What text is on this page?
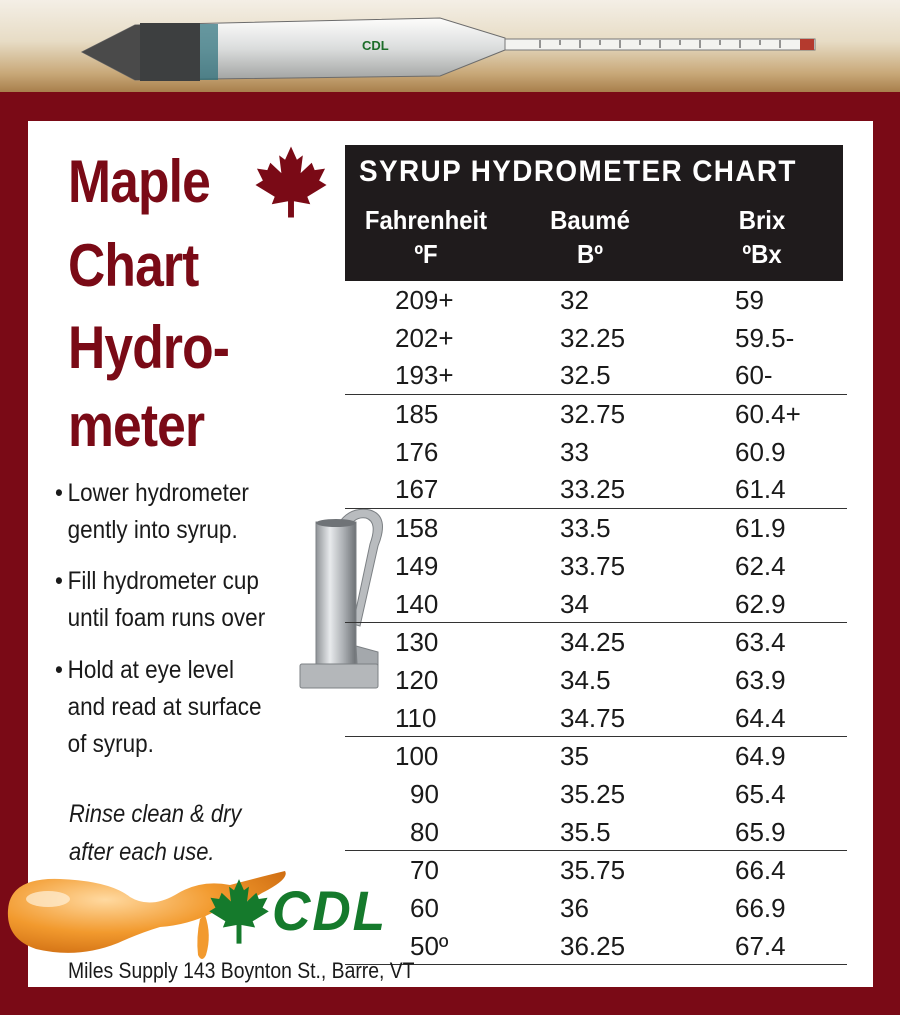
CDL
Maple
Chart
Hydro-
meter
• Lower hydrometer
gently into syrup.
• Fill hydrometer cup
until foam runs over
• Hold at eye level
and read at surface
of syrup.
Rinse clean & dry
after each use.
SYRUP HYDROMETER CHART
Fahrenheit
ºF
Baumé
Bº
Brix
ºBx
209+	32	59
202+	32.25	59.5-
193+	32.5	60-
185	32.75	60.4+
176	33	60.9
167	33.25	61.4
158	33.5	61.9
149	33.75	62.4
140	34	62.9
130	34.25	63.4
120	34.5	63.9
110	34.75	64.4
100	35	64.9
90	35.25	65.4
80	35.5	65.9
70	35.75	66.4
60	36	66.9
50º	36.25	67.4
CDL
Miles Supply 143 Boynton St., Barre, VT
